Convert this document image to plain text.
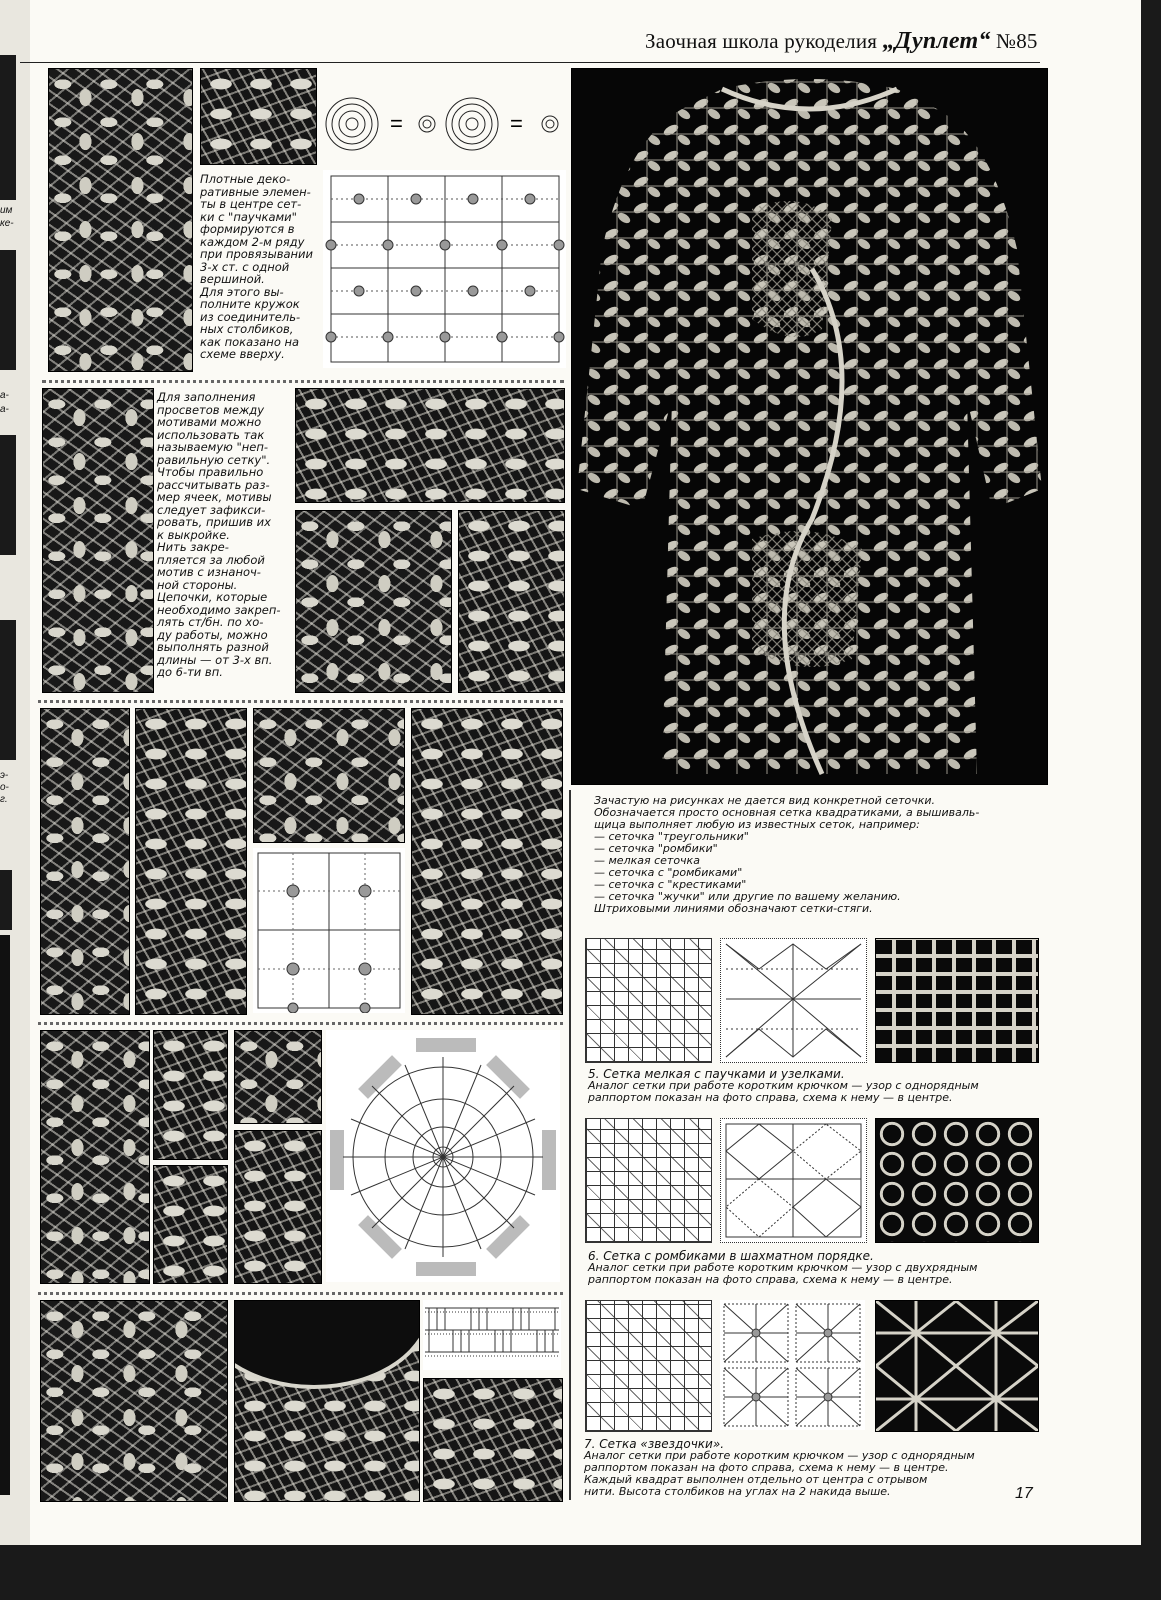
им
ке-
а-
а-
э-
о-
г.
Заочная школа рукоделия „Дуплет“ №85
=	=
Плотные деко-
ративные элемен-
ты в центре сет-
ки с "паучками"
формируются в
каждом 2-м ряду
при провязывании
3-х ст. с одной
вершиной.
Для этого вы-
полните кружок
из соединитель-
ных столбиков,
как показано на
схеме вверху.
Для заполнения
просветов между
мотивами можно
использовать так
называемую "неп-
равильную сетку".
Чтобы правильно
рассчитывать раз-
мер ячеек, мотивы
следует зафикси-
ровать, пришив их
к выкройке.
Нить закре-
пляется за любой
мотив с изнаноч-
ной стороны.
Цепочки, которые
необходимо закреп-
лять ст/бн. по хо-
ду работы, можно
выполнять разной
длины — от 3-х вп.
до 6-ти вп.
Зачастую на рисунках не дается вид конкретной сеточки.
Обозначается просто основная сетка квадратиками, а вышиваль-
щица выполняет любую из известных сеток, например:
— сеточка "треугольники"
— сеточка "ромбики"
— мелкая сеточка
— сеточка с "ромбиками"
— сеточка с "крестиками"
— сеточка "жучки" или другие по вашему желанию.
Штриховыми линиями обозначают сетки-стяги.
5. Сетка мелкая с паучками и узелками.
Аналог сетки при работе коротким крючком — узор с однорядным
раппортом показан на фото справа, схема к нему — в центре.
6. Сетка с ромбиками в шахматном порядке.
Аналог сетки при работе коротким крючком — узор с двухрядным
раппортом показан на фото справа, схема к нему — в центре.
7. Сетка «звездочки».
Аналог сетки при работе коротким крючком — узор с однорядным
раппортом показан на фото справа, схема к нему — в центре.
Каждый квадрат выполнен отдельно от центра с отрывом
нити. Высота столбиков на углах на 2 накида выше.	17
